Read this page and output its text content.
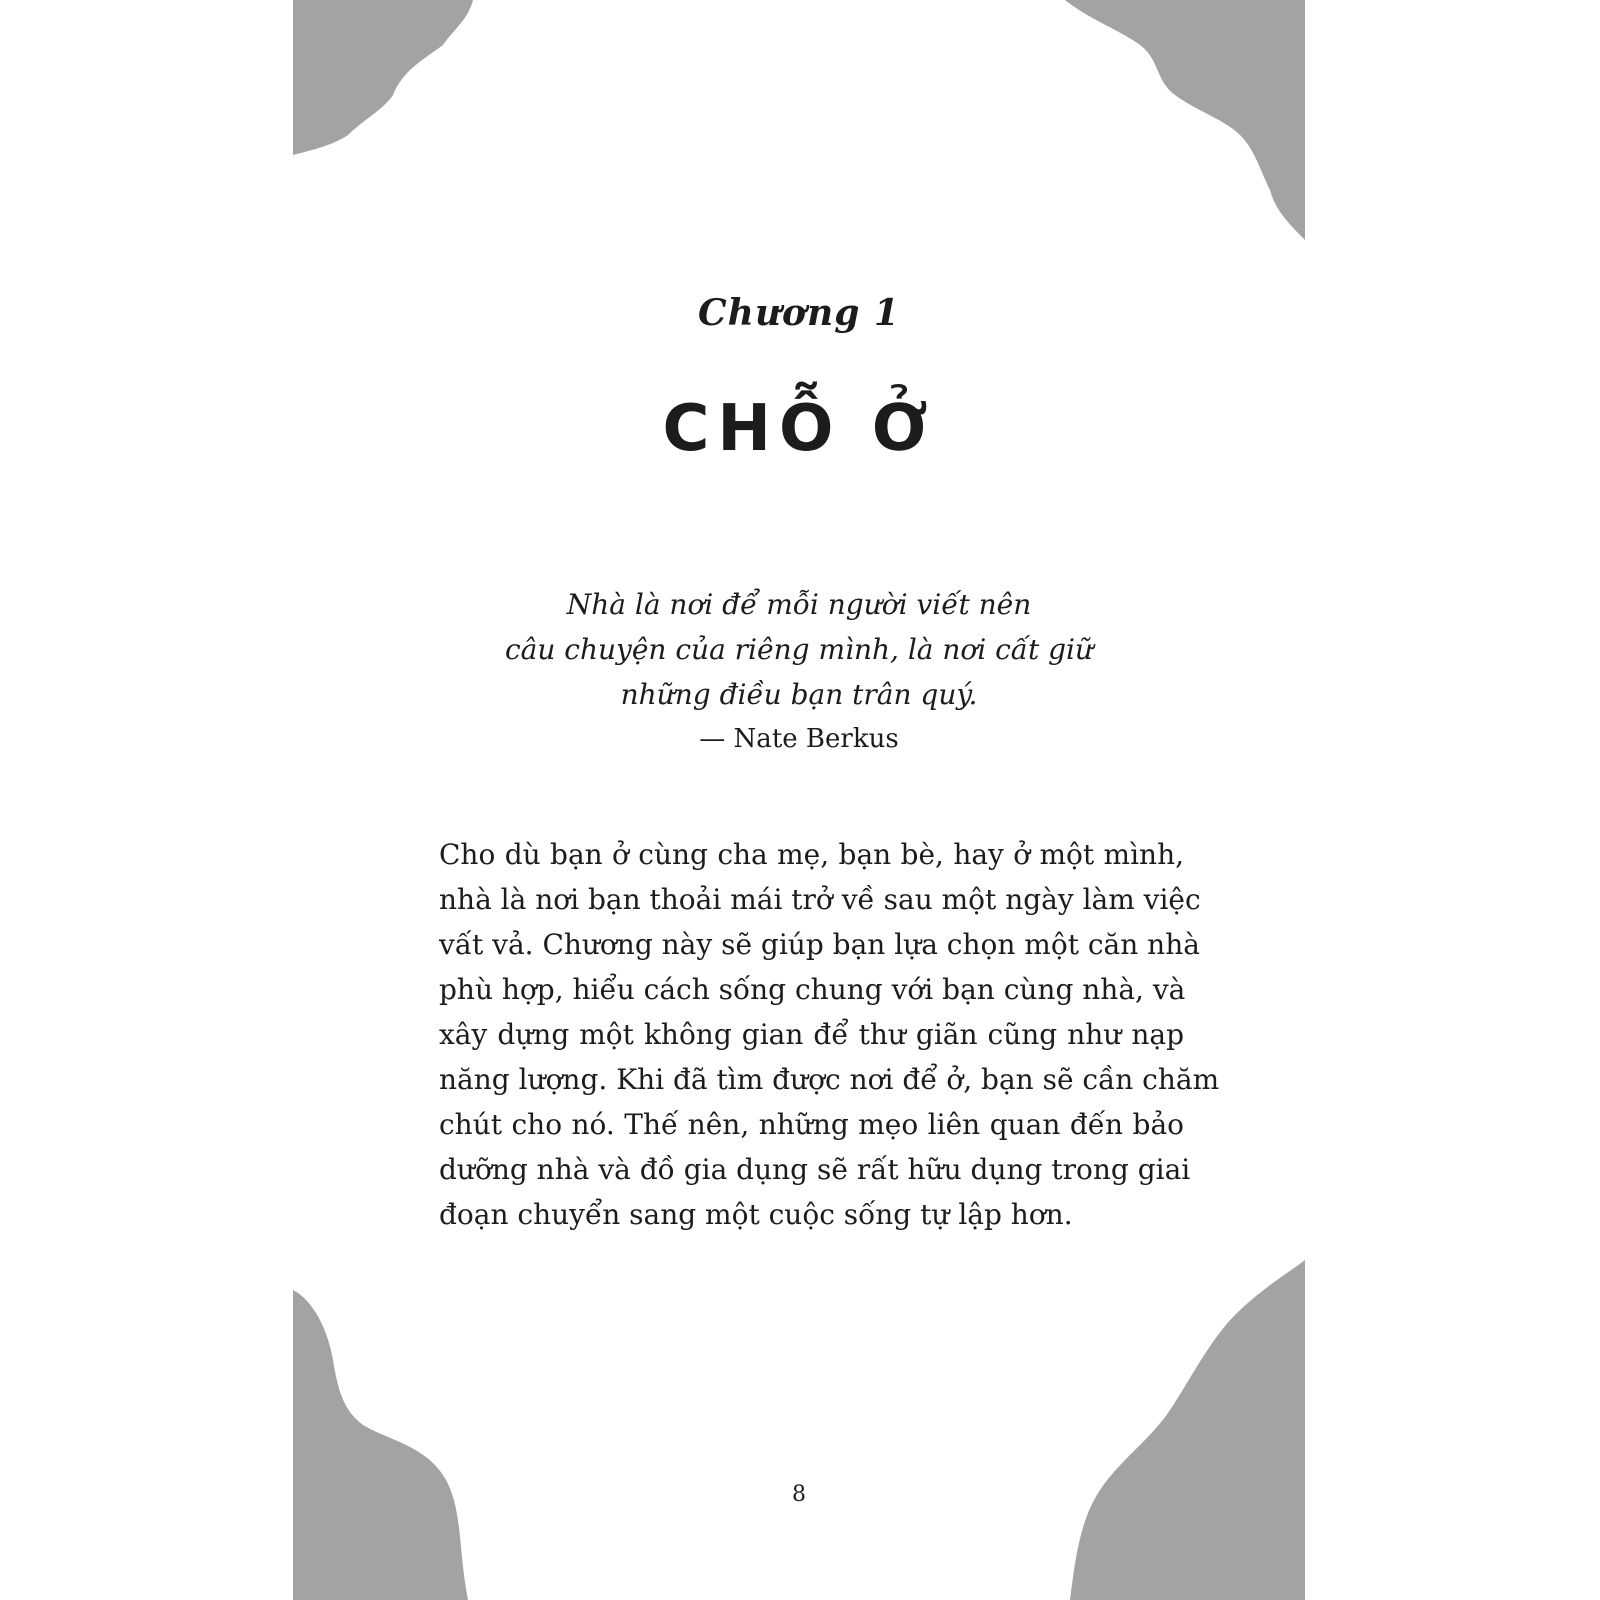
Chương 1
CHỖ Ở
Nhà là nơi để mỗi người viết nên
câu chuyện của riêng mình, là nơi cất giữ
những điều bạn trân quý.
— Nate Berkus
Cho dù bạn ở cùng cha mẹ, bạn bè, hay ở một mình,
nhà là nơi bạn thoải mái trở về sau một ngày làm việc
vất vả. Chương này sẽ giúp bạn lựa chọn một căn nhà
phù hợp, hiểu cách sống chung với bạn cùng nhà, và
xây dựng một không gian để thư giãn cũng như nạp
năng lượng. Khi đã tìm được nơi để ở, bạn sẽ cần chăm
chút cho nó. Thế nên, những mẹo liên quan đến bảo
dưỡng nhà và đồ gia dụng sẽ rất hữu dụng trong giai
đoạn chuyển sang một cuộc sống tự lập hơn.
8
